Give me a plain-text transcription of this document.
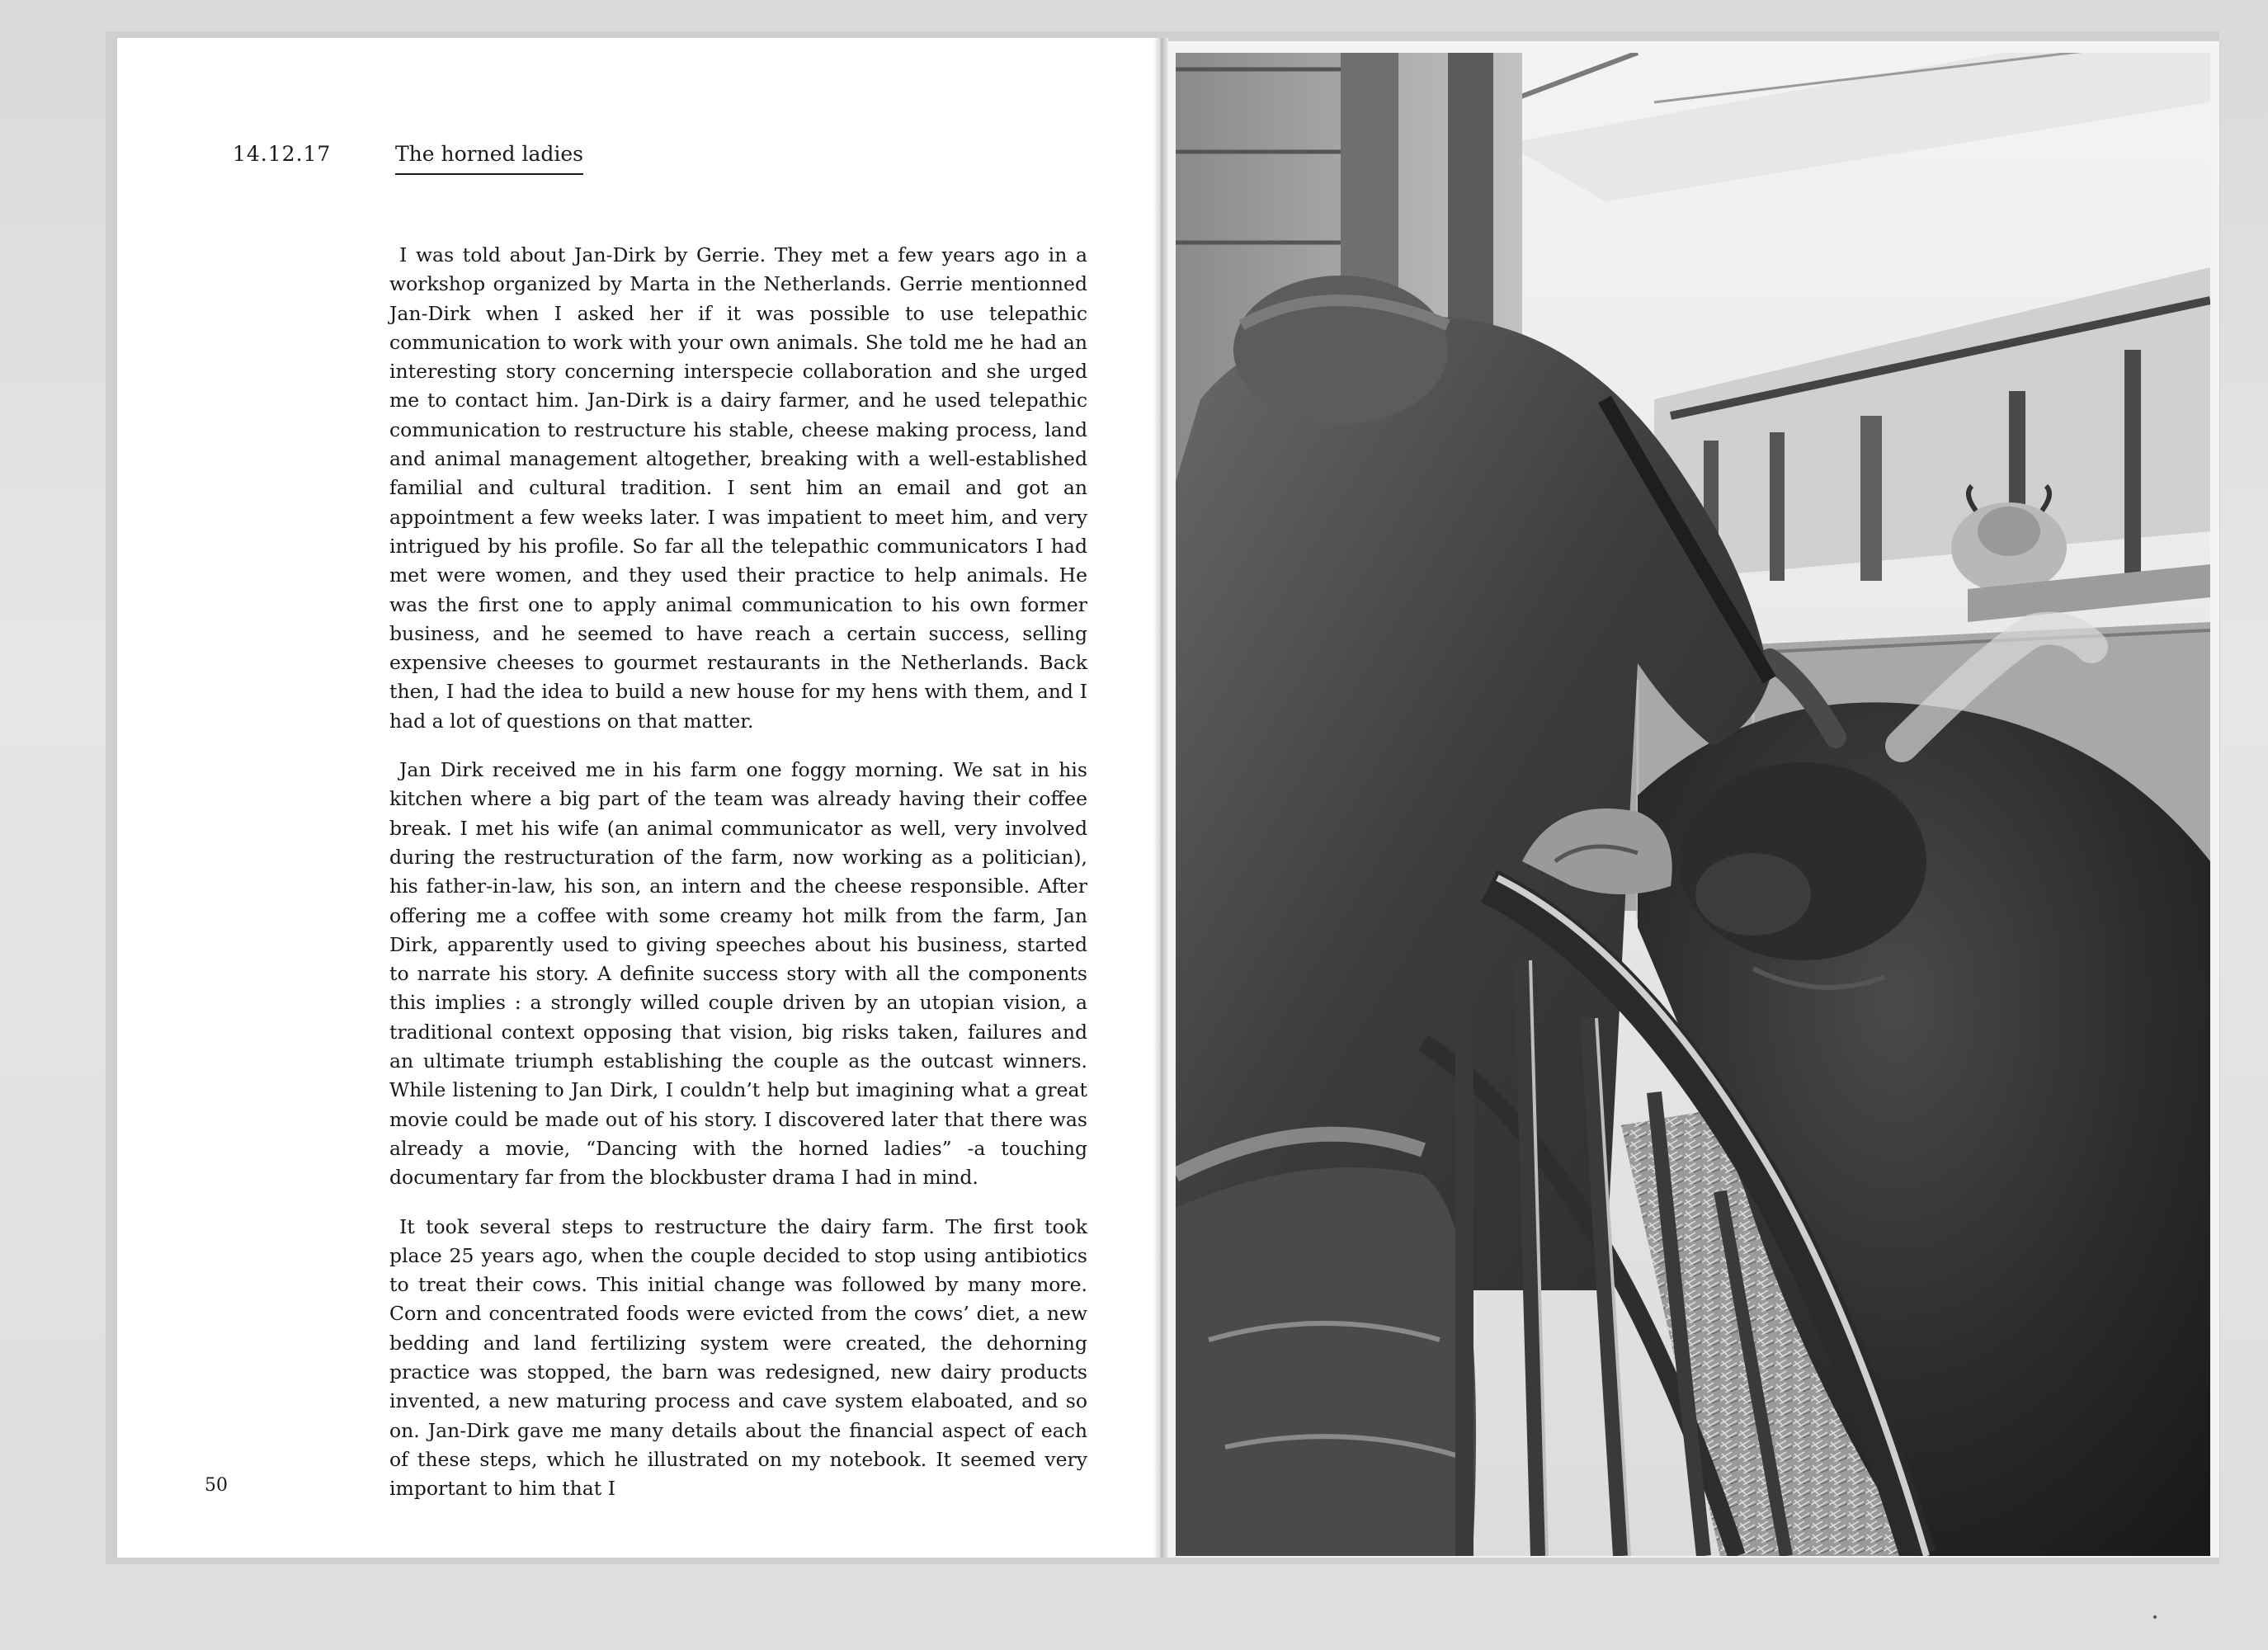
14.12.17	The horned ladies

I was told about Jan-Dirk by Gerrie. They met a few years ago in a workshop organized by Marta in the Netherlands. Gerrie mentionned Jan-Dirk when I asked her if it was possible to use telepathic communication to work with your own animals. She told me he had an interesting story concerning interspecie collaboration and she urged me to contact him. Jan-Dirk is a dairy farmer, and he used telepathic communication to restructure his stable, cheese making process, land and animal management altogether, breaking with a well-established familial and cultural tradition. I sent him an email and got an appointment a few weeks later. I was impatient to meet him, and very intrigued by his profile. So far all the telepathic communicators I had met were women, and they used their practice to help animals. He was the first one to apply animal communication to his own former business, and he seemed to have reach a certain success, selling expensive cheeses to gourmet restaurants in the Netherlands. Back then, I had the idea to build a new house for my hens with them, and I had a lot of questions on that matter.

Jan Dirk received me in his farm one foggy morning. We sat in his kitchen where a big part of the team was already having their coffee break. I met his wife (an animal communicator as well, very involved during the restructuration of the farm, now working as a politician), his father-in-law, his son, an intern and the cheese responsible. After offering me a coffee with some creamy hot milk from the farm, Jan Dirk, apparently used to giving speeches about his business, started to narrate his story. A definite success story with all the components this implies : a strongly willed couple driven by an utopian vision, a traditional context opposing that vision, big risks taken, failures and an ultimate triumph establishing the couple as the outcast winners. While listening to Jan Dirk, I couldn’t help but imagining what a great movie could be made out of his story. I discovered later that there was already a movie, “Dancing with the horned ladies” -a touching documentary far from the blockbuster drama I had in mind.

It took several steps to restructure the dairy farm. The first took place 25 years ago, when the couple decided to stop using antibiotics to treat their cows. This initial change was followed by many more. Corn and concentrated foods were evicted from the cows’ diet, a new bedding and land fertilizing system were created, the dehorning practice was stopped, the barn was redesigned, new dairy products invented, a new maturing process and cave system elaboated, and so on. Jan-Dirk gave me many details about the financial aspect of each of these steps, which he illustrated on my notebook. It seemed very important to him that I

50
